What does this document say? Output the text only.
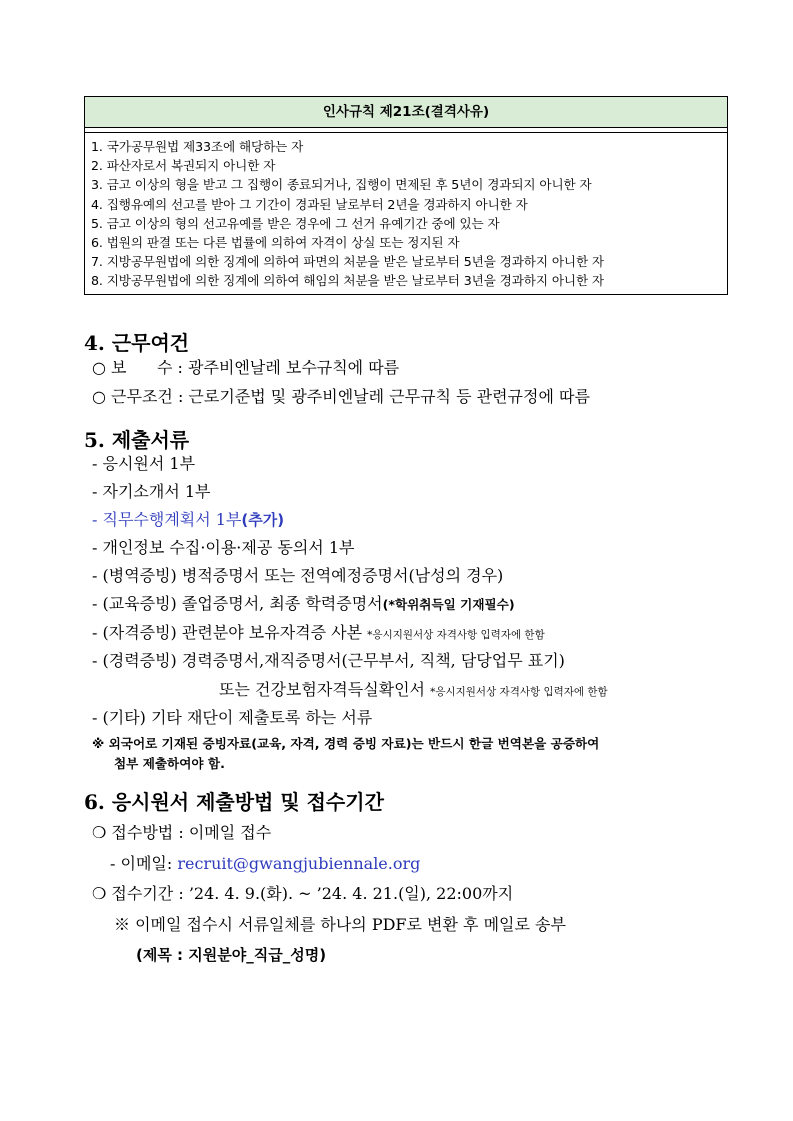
인사규칙 제21조(결격사유)
1. 국가공무원법 제33조에 해당하는 자
2. 파산자로서 복권되지 아니한 자
3. 금고 이상의 형을 받고 그 집행이 종료되거나, 집행이 면제된 후 5년이 경과되지 아니한 자
4. 집행유예의 선고를 받아 그 기간이 경과된 날로부터 2년을 경과하지 아니한 자
5. 금고 이상의 형의 선고유예를 받은 경우에 그 선거 유예기간 중에 있는 자
6. 법원의 판결 또는 다른 법률에 의하여 자격이 상실 또는 정지된 자
7. 지방공무원법에 의한 징계에 의하여 파면의 처분을 받은 날로부터 5년을 경과하지 아니한 자
8. 지방공무원법에 의한 징계에 의하여 해임의 처분을 받은 날로부터 3년을 경과하지 아니한 자
4. 근무여건
○ 보      수 : 광주비엔날레 보수규칙에 따름
○ 근무조건 : 근로기준법 및 광주비엔날레 근무규칙 등 관련규정에 따름
5. 제출서류
- 응시원서 1부
- 자기소개서 1부
- 직무수행계획서 1부(추가)
- 개인정보 수집·이용·제공 동의서 1부
- (병역증빙) 병적증명서 또는 전역예정증명서(남성의 경우)
- (교육증빙) 졸업증명서, 최종 학력증명서(*학위취득일 기재필수)
- (자격증빙) 관련분야 보유자격증 사본 *응시지원서상 자격사항 입력자에 한함
- (경력증빙) 경력증명서,재직증명서(근무부서, 직책, 담당업무 표기)
또는 건강보험자격득실확인서 *응시지원서상 자격사항 입력자에 한함
- (기타) 기타 재단이 제출토록 하는 서류
※ 외국어로 기재된 증빙자료(교육, 자격, 경력 증빙 자료)는 반드시 한글 번역본을 공증하여
첨부 제출하여야 함.
6. 응시원서 제출방법 및 접수기간
❍ 접수방법 : 이메일 접수
- 이메일: recruit@gwangjubiennale.org
❍ 접수기간 : ’24. 4. 9.(화). ~ ’24. 4. 21.(일), 22:00까지
※ 이메일 접수시 서류일체를 하나의 PDF로 변환 후 메일로 송부
(제목 : 지원분야_직급_성명)
